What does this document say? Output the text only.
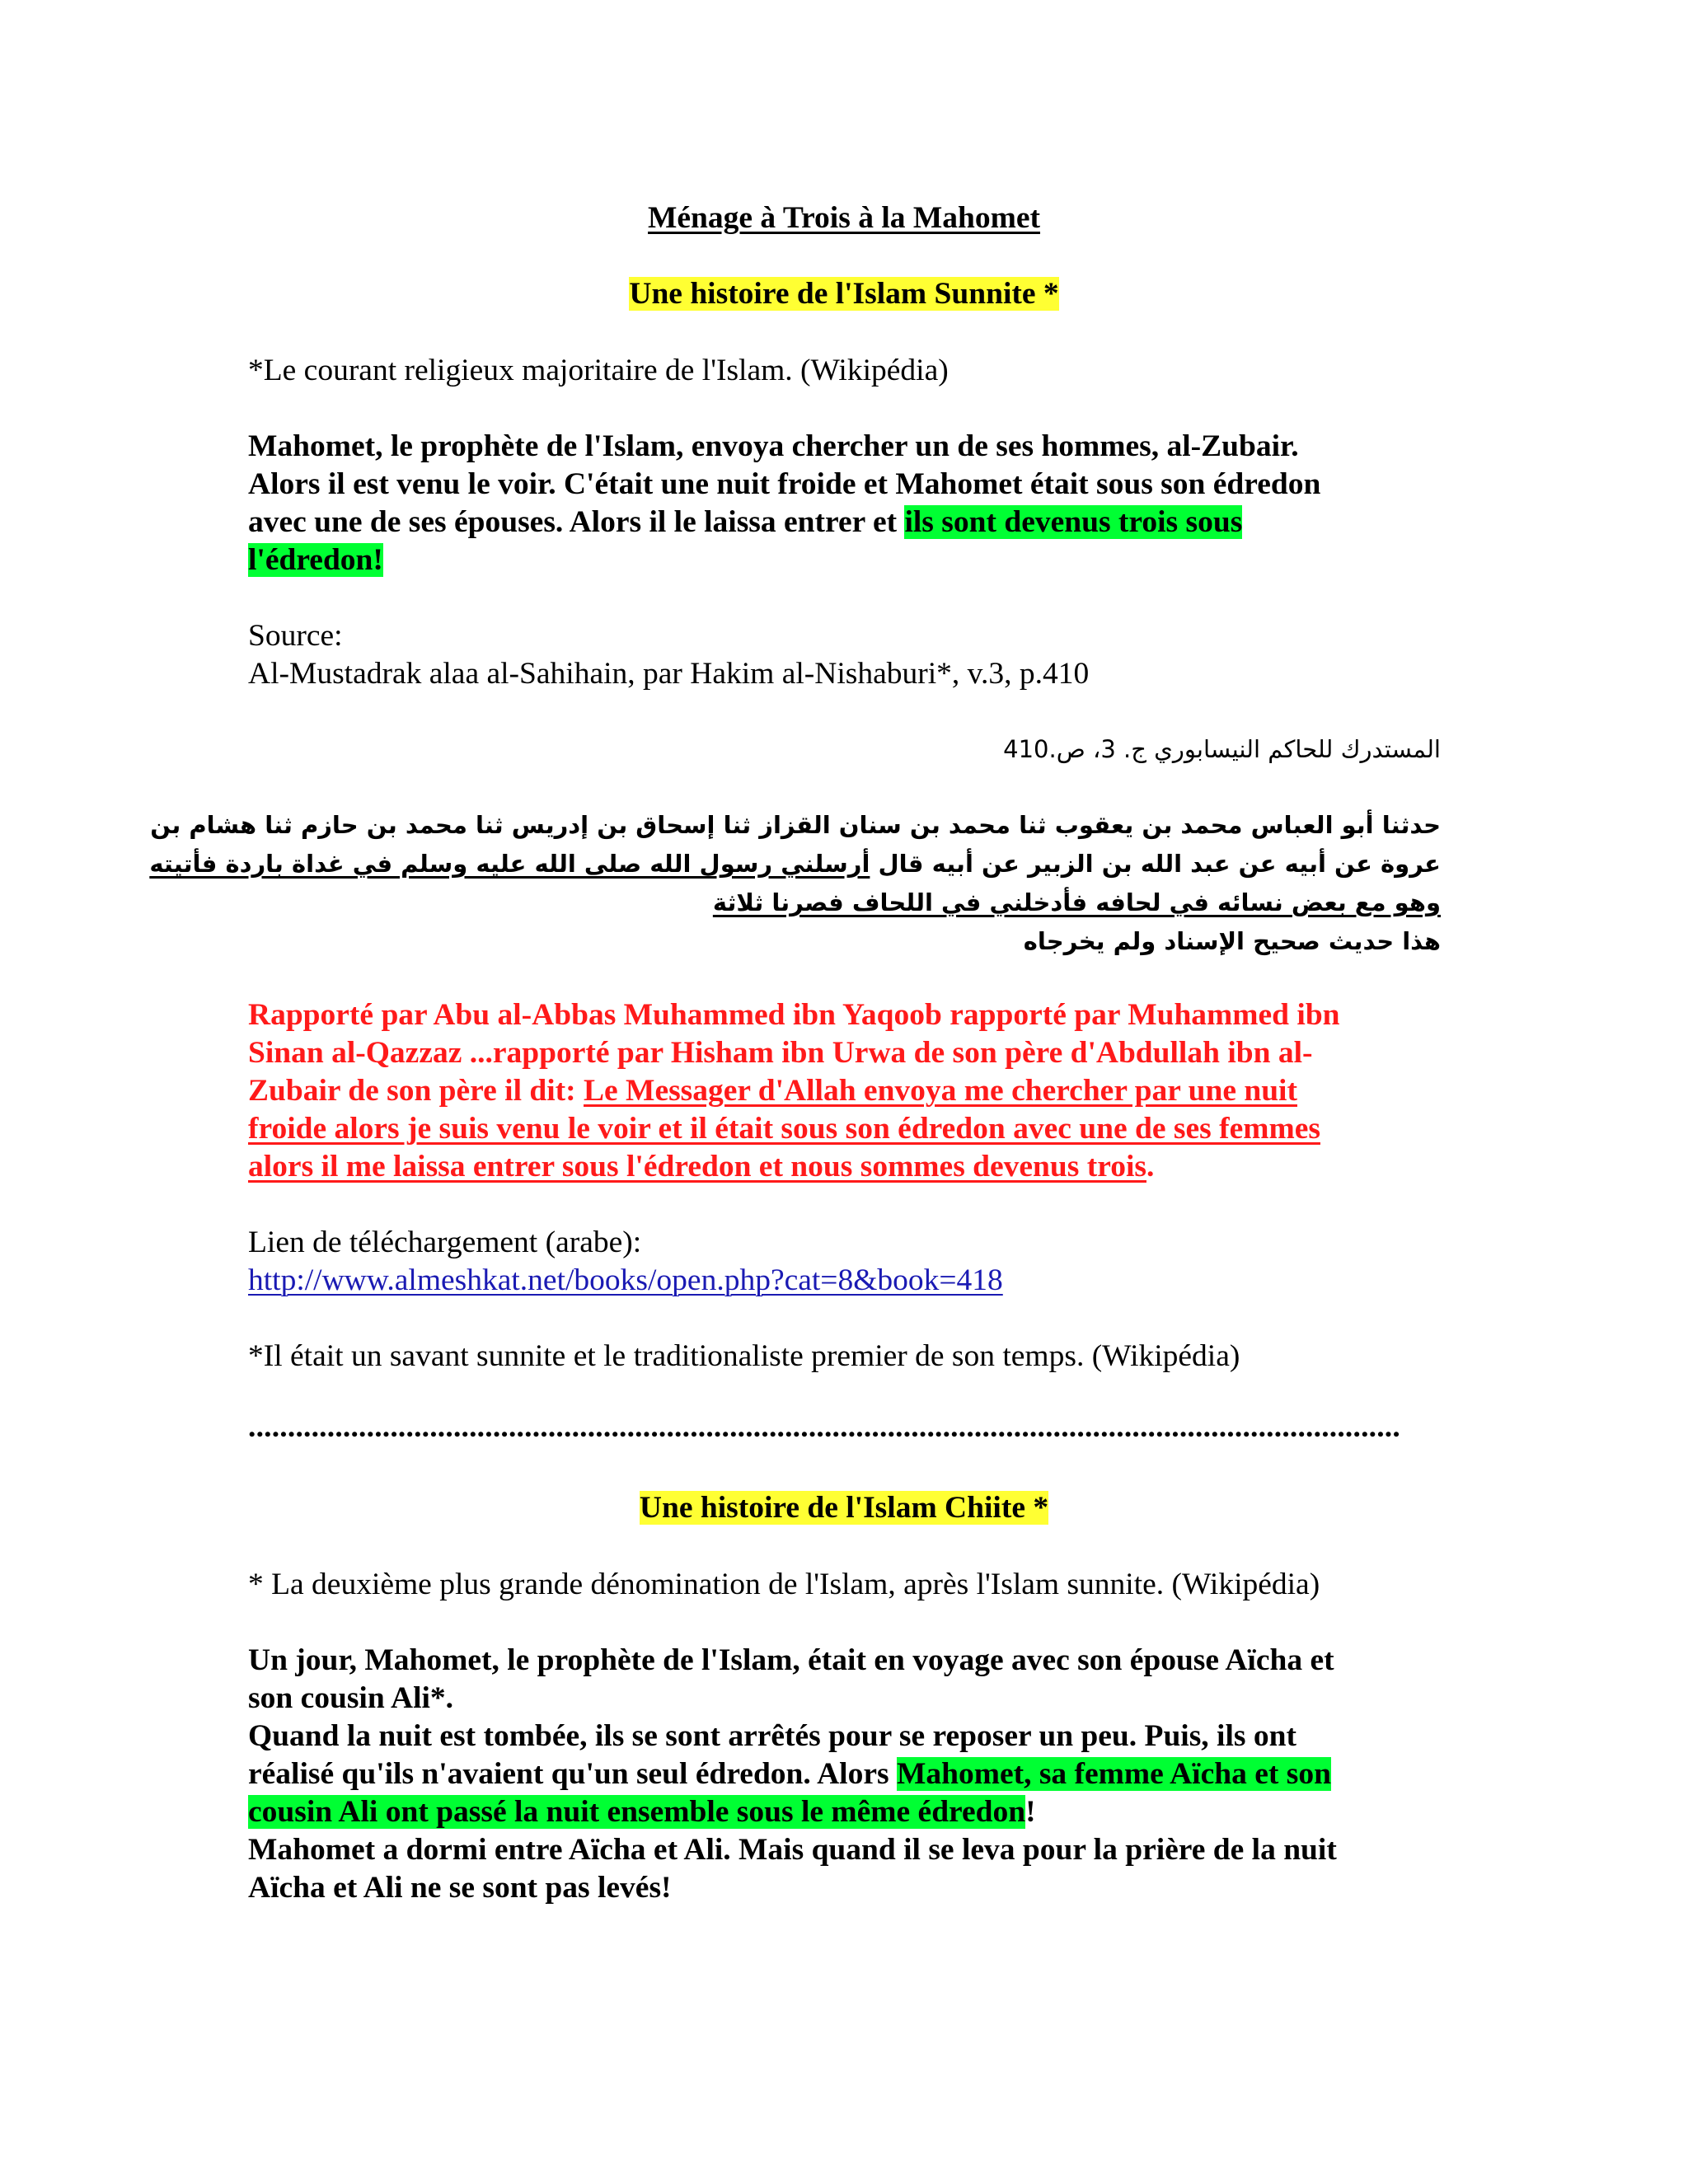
Ménage à Trois à la Mahomet

Une histoire de l'Islam Sunnite *

*Le courant religieux majoritaire de l'Islam. (Wikipédia)

Mahomet, le prophète de l'Islam, envoya chercher un de ses hommes, al-Zubair.
Alors il est venu le voir. C'était une nuit froide et Mahomet était sous son édredon
avec une de ses épouses. Alors il le laissa entrer et ils sont devenus trois sous
l'édredon!
Source:
Al-Mustadrak alaa al-Sahihain, par Hakim al-Nishaburi*, v.3, p.410

المستدرك للحاكم النيسابوري ج. 3، ص.410

حدثنا أبو العباس محمد بن يعقوب ثنا محمد بن سنان القزاز ثنا إسحاق بن إدريس ثنا محمد بن حازم ثنا هشام بن
عروة عن أبيه عن عبد الله بن الزبير عن أبيه قال أرسلني رسول الله صلى الله عليه وسلم في غداة باردة فأتيته
وهو مع بعض نسائه في لحافه فأدخلني في اللحاف فصرنا ثلاثة
هذا حديث صحيح الإسناد ولم يخرجاه
Rapporté par Abu al-Abbas Muhammed ibn Yaqoob rapporté par Muhammed ibn
Sinan al-Qazzaz ...rapporté par Hisham ibn Urwa de son père d'Abdullah ibn al-
Zubair de son père il dit: Le Messager d'Allah envoya me chercher par une nuit
froide alors je suis venu le voir et il était sous son édredon avec une de ses femmes
alors il me laissa entrer sous l'édredon et nous sommes devenus trois.
Lien de téléchargement (arabe):
http://www.almeshkat.net/books/open.php?cat=8&book=418

*Il était un savant sunnite et le traditionaliste premier de son temps. (Wikipédia)

..................................................................................................................................................

Une histoire de l'Islam Chiite *

* La deuxième plus grande dénomination de l'Islam, après l'Islam sunnite. (Wikipédia)

Un jour, Mahomet, le prophète de l'Islam, était en voyage avec son épouse Aïcha et
son cousin Ali*.
Quand la nuit est tombée, ils se sont arrêtés pour se reposer un peu. Puis, ils ont
réalisé qu'ils n'avaient qu'un seul édredon. Alors Mahomet, sa femme Aïcha et son
cousin Ali ont passé la nuit ensemble sous le même édredon!
Mahomet a dormi entre Aïcha et Ali. Mais quand il se leva pour la prière de la nuit
Aïcha et Ali ne se sont pas levés!
